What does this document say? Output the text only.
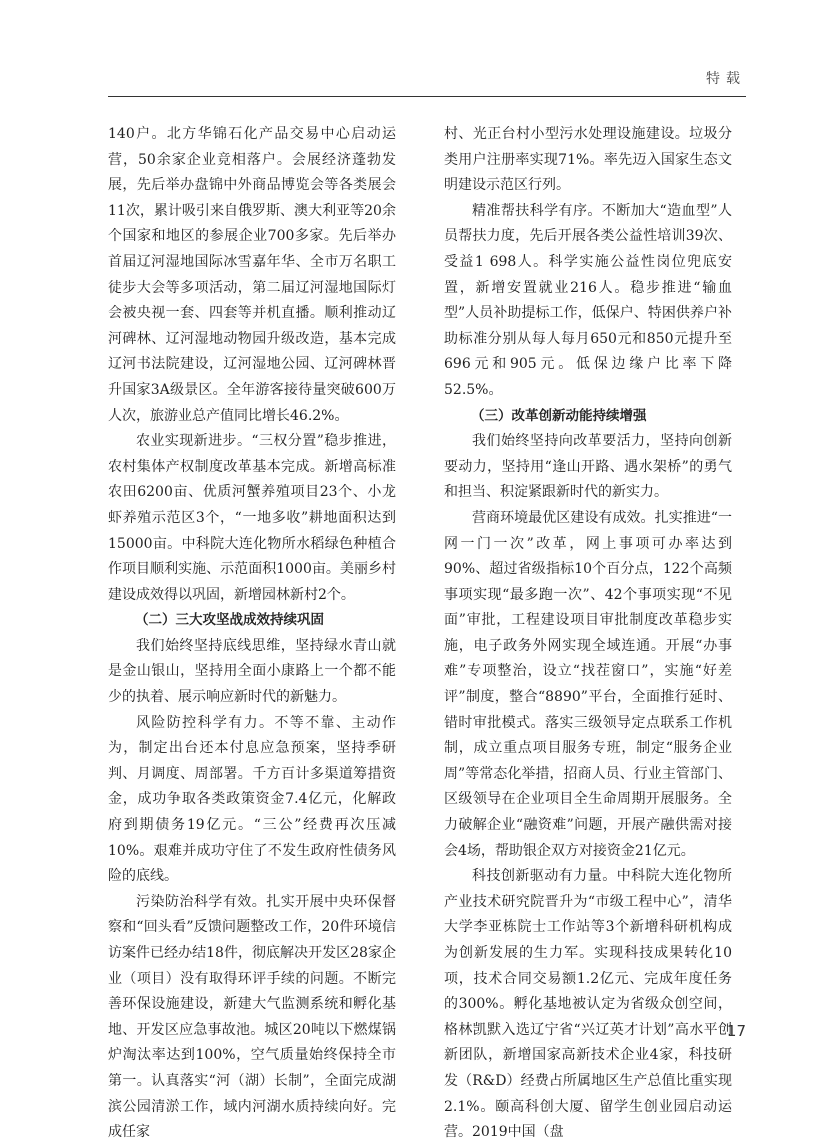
特载

140户。北方华锦石化产品交易中心启动运营，50余家企业竞相落户。会展经济蓬勃发展，先后举办盘锦中外商品博览会等各类展会11次，累计吸引来自俄罗斯、澳大利亚等20余个国家和地区的参展企业700多家。先后举办首届辽河湿地国际冰雪嘉年华、全市万名职工徒步大会等多项活动，第二届辽河湿地国际灯会被央视一套、四套等并机直播。顺利推动辽河碑林、辽河湿地动物园升级改造，基本完成辽河书法院建设，辽河湿地公园、辽河碑林晋升国家3A级景区。全年游客接待量突破600万人次，旅游业总产值同比增长46.2%。

农业实现新进步。“三权分置”稳步推进，农村集体产权制度改革基本完成。新增高标准农田6200亩、优质河蟹养殖项目23个、小龙虾养殖示范区3个，“一地多收”耕地面积达到15000亩。中科院大连化物所水稻绿色种植合作项目顺利实施、示范面积1000亩。美丽乡村建设成效得以巩固，新增园林新村2个。

（二）三大攻坚战成效持续巩固

我们始终坚持底线思维，坚持绿水青山就是金山银山，坚持用全面小康路上一个都不能少的执着、展示响应新时代的新魅力。

风险防控科学有力。不等不靠、主动作为，制定出台还本付息应急预案，坚持季研判、月调度、周部署。千方百计多渠道筹措资金，成功争取各类政策资金7.4亿元，化解政府到期债务19亿元。“三公”经费再次压减10%。艰难并成功守住了不发生政府性债务风险的底线。

污染防治科学有效。扎实开展中央环保督察和“回头看”反馈问题整改工作，20件环境信访案件已经办结18件，彻底解决开发区28家企业（项目）没有取得环评手续的问题。不断完善环保设施建设，新建大气监测系统和孵化基地、开发区应急事故池。城区20吨以下燃煤锅炉淘汰率达到100%，空气质量始终保持全市第一。认真落实“河（湖）长制”，全面完成湖滨公园清淤工作，域内河湖水质持续向好。完成任家

村、光正台村小型污水处理设施建设。垃圾分类用户注册率实现71%。率先迈入国家生态文明建设示范区行列。

精准帮扶科学有序。不断加大“造血型”人员帮扶力度，先后开展各类公益性培训39次、受益1 698人。科学实施公益性岗位兜底安置，新增安置就业216人。稳步推进“输血型”人员补助提标工作，低保户、特困供养户补助标准分别从每人每月650元和850元提升至696元和905元。低保边缘户比率下降52.5%。

（三）改革创新动能持续增强

我们始终坚持向改革要活力，坚持向创新要动力，坚持用“逢山开路、遇水架桥”的勇气和担当、积淀紧跟新时代的新实力。

营商环境最优区建设有成效。扎实推进“一网一门一次”改革，网上事项可办率达到90%、超过省级指标10个百分点，122个高频事项实现“最多跑一次”、42个事项实现“不见面”审批，工程建设项目审批制度改革稳步实施，电子政务外网实现全域连通。开展“办事难”专项整治，设立“找茬窗口”，实施“好差评”制度，整合“8890”平台，全面推行延时、错时审批模式。落实三级领导定点联系工作机制，成立重点项目服务专班，制定“服务企业周”等常态化举措，招商人员、行业主管部门、区级领导在企业项目全生命周期开展服务。全力破解企业“融资难”问题，开展产融供需对接会4场，帮助银企双方对接资金21亿元。

科技创新驱动有力量。中科院大连化物所产业技术研究院晋升为“市级工程中心”，清华大学李亚栋院士工作站等3个新增科研机构成为创新发展的生力军。实现科技成果转化10项，技术合同交易额1.2亿元、完成年度任务的300%。孵化基地被认定为省级众创空间，格林凯默入选辽宁省“兴辽英才计划”高水平创新团队，新增国家高新技术企业4家，科技研发（R&D）经费占所属地区生产总值比重实现2.1%。颐高科创大厦、留学生创业园启动运营。2019中国（盘

17
